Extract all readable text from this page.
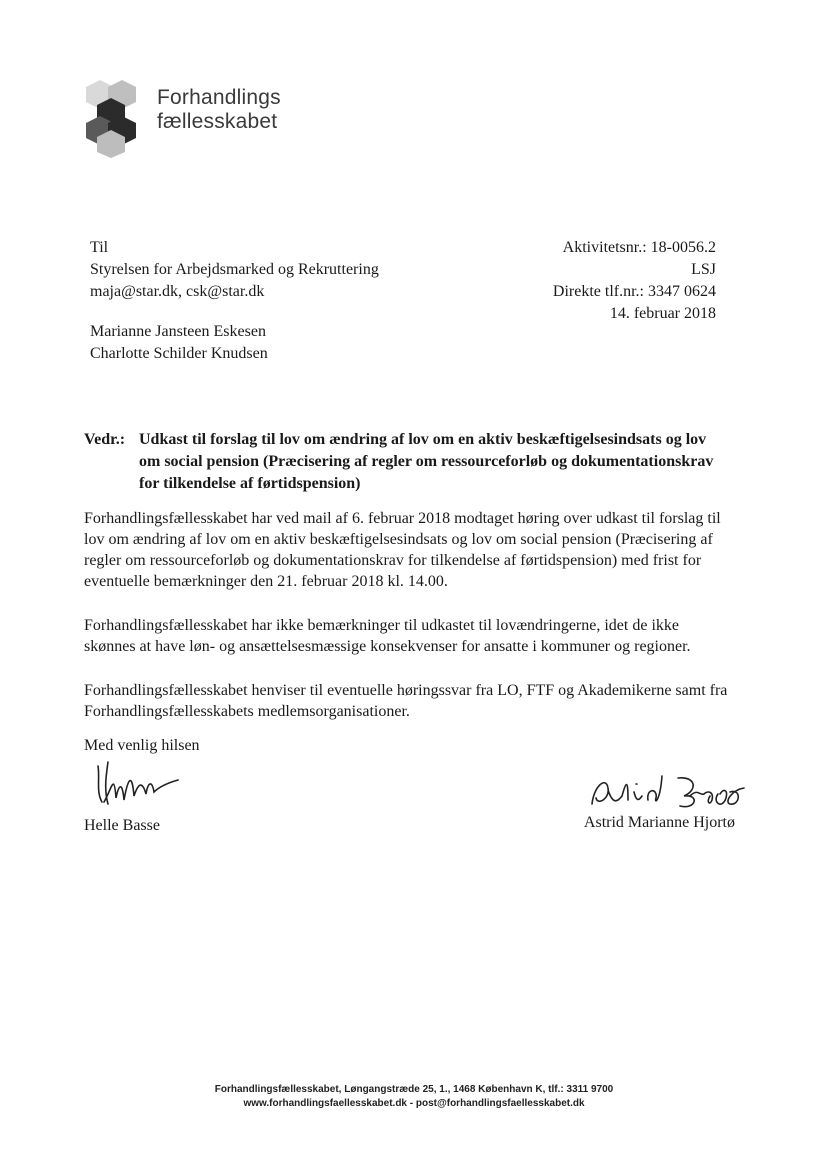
Forhandlings
fællesskabet
Til
Styrelsen for Arbejdsmarked og Rekruttering
maja@star.dk, csk@star.dk
Marianne Jansteen Eskesen
Charlotte Schilder Knudsen
Aktivitetsnr.: 18-0056.2
LSJ
Direkte tlf.nr.: 3347 0624
14. februar 2018
Vedr.: Udkast til forslag til lov om ændring af lov om en aktiv beskæftigelsesindsats og lov om social pension (Præcisering af regler om ressourceforløb og dokumentationskrav for tilkendelse af førtidspension)

Forhandlingsfællesskabet har ved mail af 6. februar 2018 modtaget høring over udkast til forslag til lov om ændring af lov om en aktiv beskæftigelsesindsats og lov om social pension (Præcisering af regler om ressourceforløb og dokumentationskrav for tilkendelse af førtidspension) med frist for eventuelle bemærkninger den 21. februar 2018 kl. 14.00.

Forhandlingsfællesskabet har ikke bemærkninger til udkastet til lovændringerne, idet de ikke skønnes at have løn- og ansættelsesmæssige konsekvenser for ansatte i kommuner og regioner.

Forhandlingsfællesskabet henviser til eventuelle høringssvar fra LO, FTF og Akademikerne samt fra Forhandlingsfællesskabets medlemsorganisationer.

Med venlig hilsen
Helle Basse	Astrid Marianne Hjortø
Forhandlingsfællesskabet, Løngangstræde 25, 1., 1468 København K, tlf.: 3311 9700
www.forhandlingsfaellesskabet.dk - post@forhandlingsfaellesskabet.dk
